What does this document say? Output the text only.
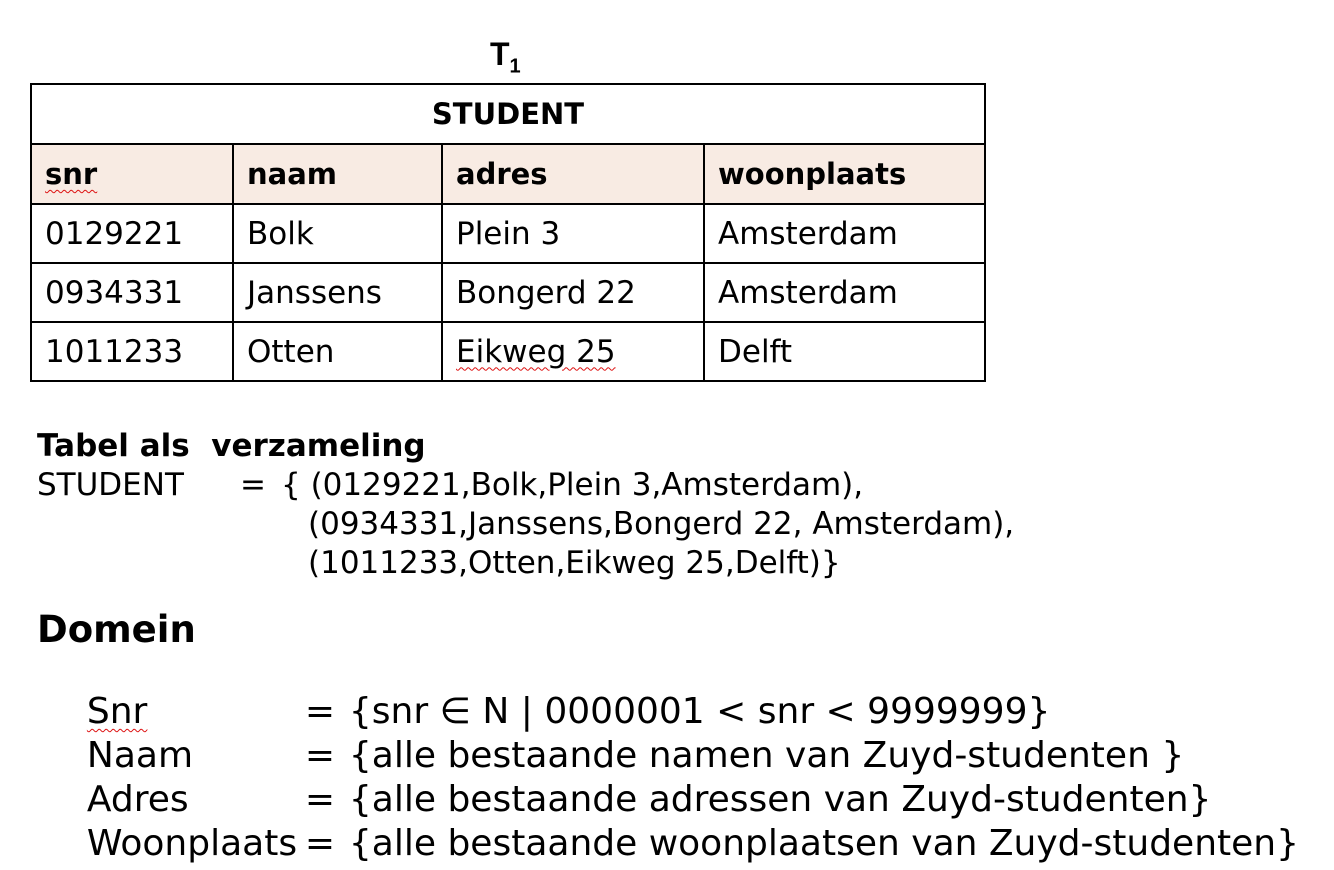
$T_1$
STUDENT			
snr	naam	adres	woonplaats
0129221	Bolk	Plein 3	Amsterdam
0934331	Janssens	Bongerd 22	Amsterdam
1011233	Otten	Eikweg 25	Delft
Tabel als  verzameling
STUDENT = { (0129221,Bolk,Plein 3,Amsterdam),
(0934331,Janssens,Bongerd 22, Amsterdam),
(1011233,Otten,Eikweg 25,Delft)}
Domein

Snr	= {snr ∈ N | 0000001 < snr < 9999999}

Naam	= {alle bestaande namen van Zuyd-studenten }

Adres	= {alle bestaande adressen van Zuyd-studenten}

Woonplaats = {alle bestaande woonplaatsen van Zuyd-studenten}
